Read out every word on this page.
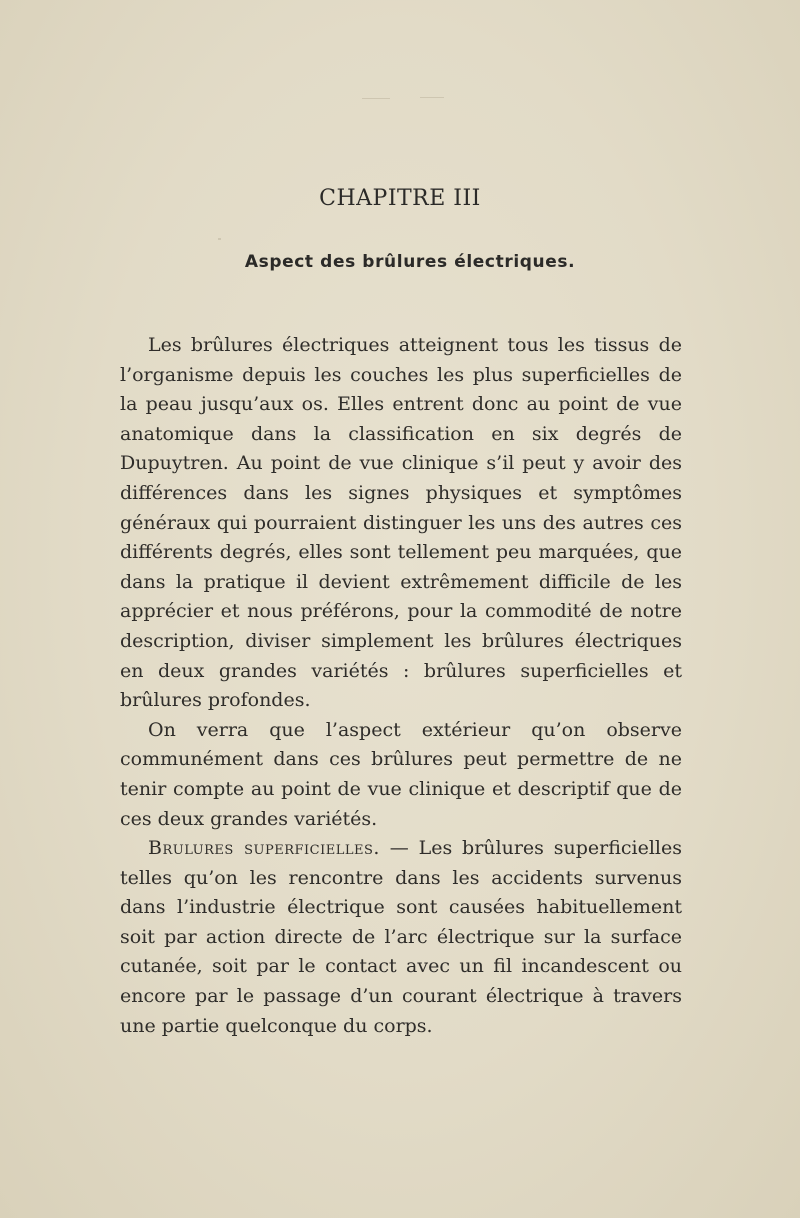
CHAPITRE III
Aspect des brûlures électriques.

Les brûlures électriques atteignent tous les tissus de l’organisme depuis les couches les plus superficielles de la peau jusqu’aux os. Elles entrent donc au point de vue anatomique dans la classification en six degrés de Dupuytren. Au point de vue clinique s’il peut y avoir des différences dans les signes physiques et symptômes généraux qui pourraient distinguer les uns des autres ces différents degrés, elles sont tellement peu marquées, que dans la pratique il devient extrêmement difficile de les apprécier et nous préférons, pour la commodité de notre description, diviser simplement les brûlures électriques en deux grandes variétés : brûlures superficielles et brûlures profondes.

On verra que l’aspect extérieur qu’on observe communément dans ces brûlures peut permettre de ne tenir compte au point de vue clinique et descriptif que de ces deux grandes variétés.

Brulures superficielles. — Les brûlures superficielles telles qu’on les rencontre dans les accidents survenus dans l’industrie électrique sont causées habituellement soit par action directe de l’arc électrique sur la surface cutanée, soit par le contact avec un fil incandescent ou encore par le passage d’un courant électrique à travers une partie quelconque du corps.
